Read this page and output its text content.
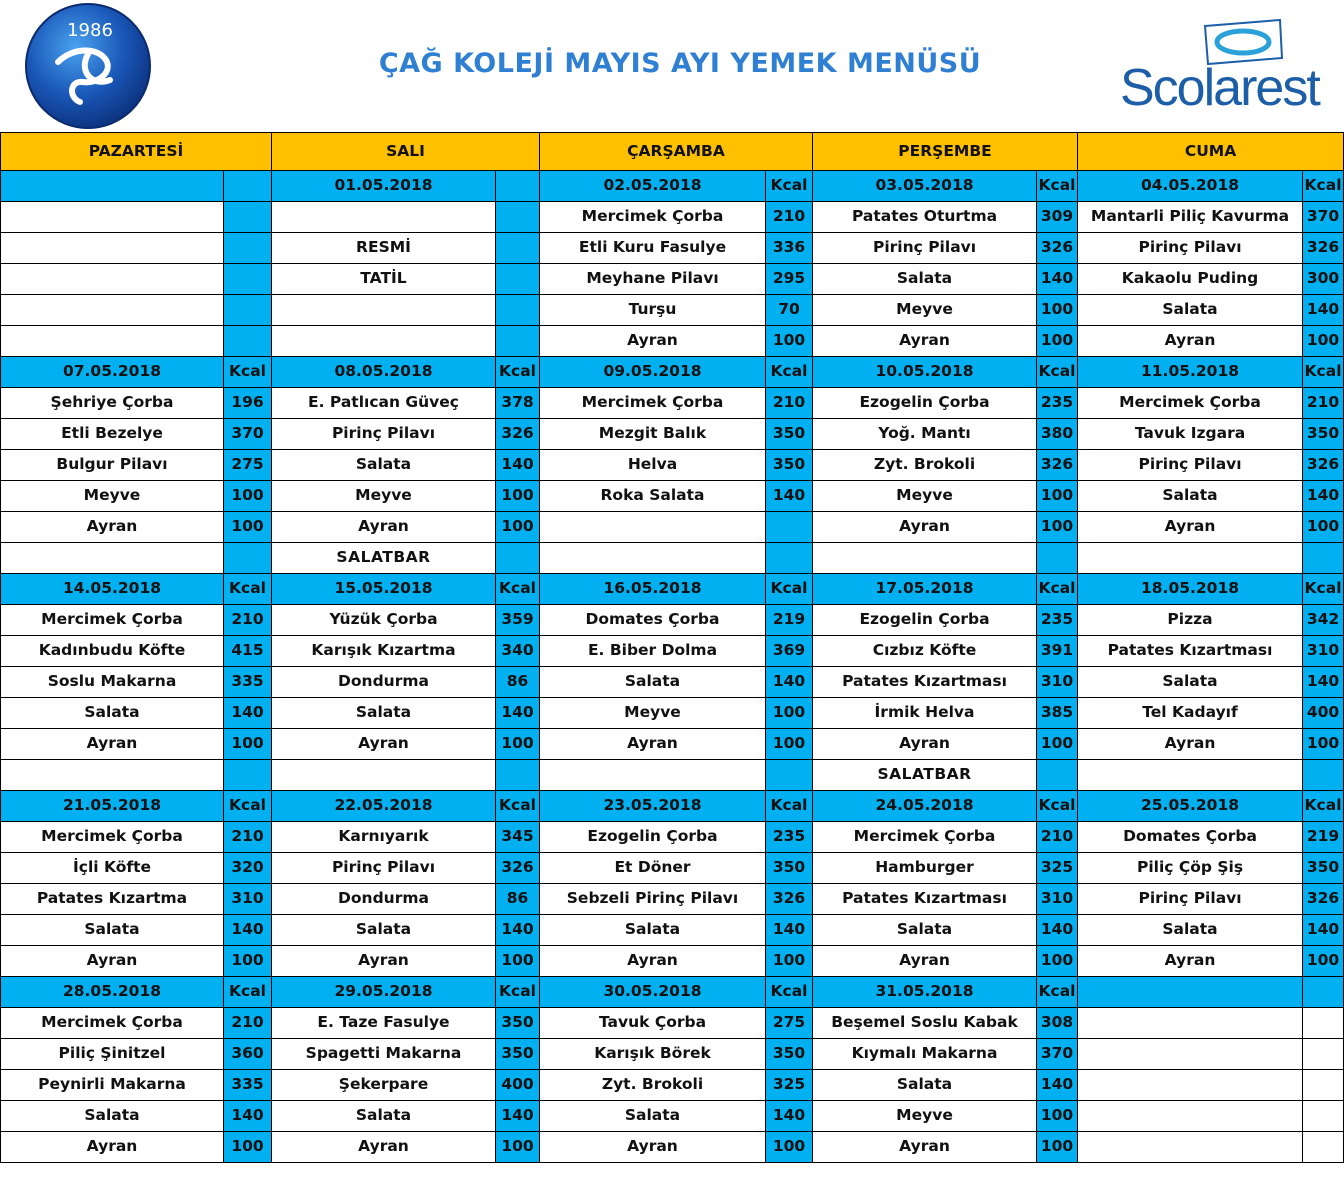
1986
ÇAĞ KOLEJİ MAYIS AYI YEMEK MENÜSÜ	Scolarest
PAZARTESİ		SALI		ÇARŞAMBA		PERŞEMBE		CUMA	
		01.05.2018		02.05.2018	Kcal	03.05.2018	Kcal	04.05.2018	Kcal
				Mercimek Çorba	210	Patates Oturtma	309	Mantarli Piliç Kavurma	370
		RESMİ		Etli Kuru Fasulye	336	Pirinç Pilavı	326	Pirinç Pilavı	326
		TATİL		Meyhane Pilavı	295	Salata	140	Kakaolu Puding	300
				Turşu	70	Meyve	100	Salata	140
				Ayran	100	Ayran	100	Ayran	100
07.05.2018	Kcal	08.05.2018	Kcal	09.05.2018	Kcal	10.05.2018	Kcal	11.05.2018	Kcal
Şehriye Çorba	196	E. Patlıcan Güveç	378	Mercimek Çorba	210	Ezogelin Çorba	235	Mercimek Çorba	210
Etli Bezelye	370	Pirinç Pilavı	326	Mezgit Balık	350	Yoğ. Mantı	380	Tavuk Izgara	350
Bulgur Pilavı	275	Salata	140	Helva	350	Zyt. Brokoli	326	Pirinç Pilavı	326
Meyve	100	Meyve	100	Roka Salata	140	Meyve	100	Salata	140
Ayran	100	Ayran	100			Ayran	100	Ayran	100
		SALATBAR							
14.05.2018	Kcal	15.05.2018	Kcal	16.05.2018	Kcal	17.05.2018	Kcal	18.05.2018	Kcal
Mercimek Çorba	210	Yüzük Çorba	359	Domates Çorba	219	Ezogelin Çorba	235	Pizza	342
Kadınbudu Köfte	415	Karışık Kızartma	340	E. Biber Dolma	369	Cızbız Köfte	391	Patates Kızartması	310
Soslu Makarna	335	Dondurma	86	Salata	140	Patates Kızartması	310	Salata	140
Salata	140	Salata	140	Meyve	100	İrmik Helva	385	Tel Kadayıf	400
Ayran	100	Ayran	100	Ayran	100	Ayran	100	Ayran	100
						SALATBAR			
21.05.2018	Kcal	22.05.2018	Kcal	23.05.2018	Kcal	24.05.2018	Kcal	25.05.2018	Kcal
Mercimek Çorba	210	Karnıyarık	345	Ezogelin Çorba	235	Mercimek Çorba	210	Domates Çorba	219
İçli Köfte	320	Pirinç Pilavı	326	Et Döner	350	Hamburger	325	Piliç Çöp Şiş	350
Patates Kızartma	310	Dondurma	86	Sebzeli Pirinç Pilavı	326	Patates Kızartması	310	Pirinç Pilavı	326
Salata	140	Salata	140	Salata	140	Salata	140	Salata	140
Ayran	100	Ayran	100	Ayran	100	Ayran	100	Ayran	100
28.05.2018	Kcal	29.05.2018	Kcal	30.05.2018	Kcal	31.05.2018	Kcal		
Mercimek Çorba	210	E. Taze Fasulye	350	Tavuk Çorba	275	Beşemel Soslu Kabak	308		
Piliç Şinitzel	360	Spagetti Makarna	350	Karışık Börek	350	Kıymalı Makarna	370		
Peynirli Makarna	335	Şekerpare	400	Zyt. Brokoli	325	Salata	140		
Salata	140	Salata	140	Salata	140	Meyve	100		
Ayran	100	Ayran	100	Ayran	100	Ayran	100		
